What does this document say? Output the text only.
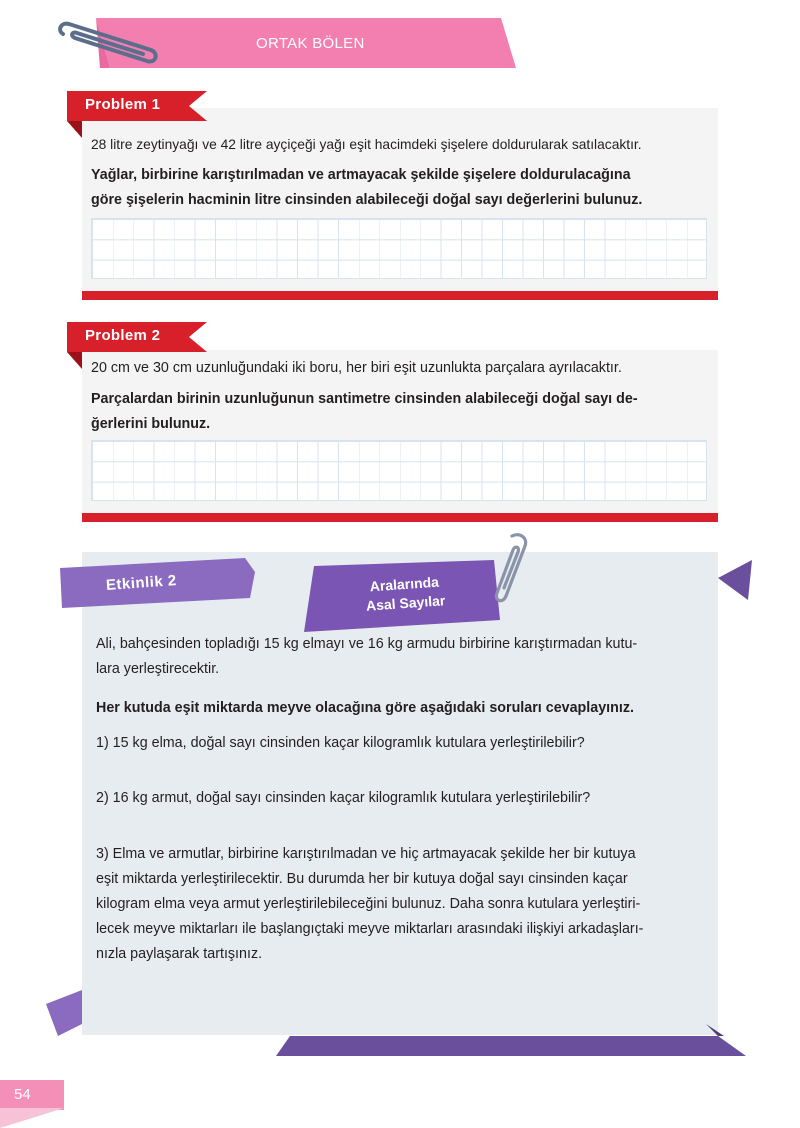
ORTAK BÖLEN
Problem 1
28 litre zeytinyağı ve 42 litre ayçiçeği yağı eşit hacimdeki şişelere doldurularak satılacaktır.
Yağlar, birbirine karıştırılmadan ve artmayacak şekilde şişelere doldurulacağına
göre şişelerin hacminin litre cinsinden alabileceği doğal sayı değerlerini bulunuz.
Problem 2
20 cm ve 30 cm uzunluğundaki iki boru, her biri eşit uzunlukta parçalara ayrılacaktır.
Parçalardan birinin uzunluğunun santimetre cinsinden alabileceği doğal sayı de-
ğerlerini bulunuz.
Etkinlik 2	Aralarında
Asal Sayılar
Ali, bahçesinden topladığı 15 kg elmayı ve 16 kg armudu birbirine karıştırmadan kutu-
lara yerleştirecektir.
Her kutuda eşit miktarda meyve olacağına göre aşağıdaki soruları cevaplayınız.
1) 15 kg elma, doğal sayı cinsinden kaçar kilogramlık kutulara yerleştirilebilir?
2) 16 kg armut, doğal sayı cinsinden kaçar kilogramlık kutulara yerleştirilebilir?
3) Elma ve armutlar, birbirine karıştırılmadan ve hiç artmayacak şekilde her bir kutuya
eşit miktarda yerleştirilecektir. Bu durumda her bir kutuya doğal sayı cinsinden kaçar
kilogram elma veya armut yerleştirilebileceğini bulunuz. Daha sonra kutulara yerleştiri-
lecek meyve miktarları ile başlangıçtaki meyve miktarları arasındaki ilişkiyi arkadaşları-
nızla paylaşarak tartışınız.
54
